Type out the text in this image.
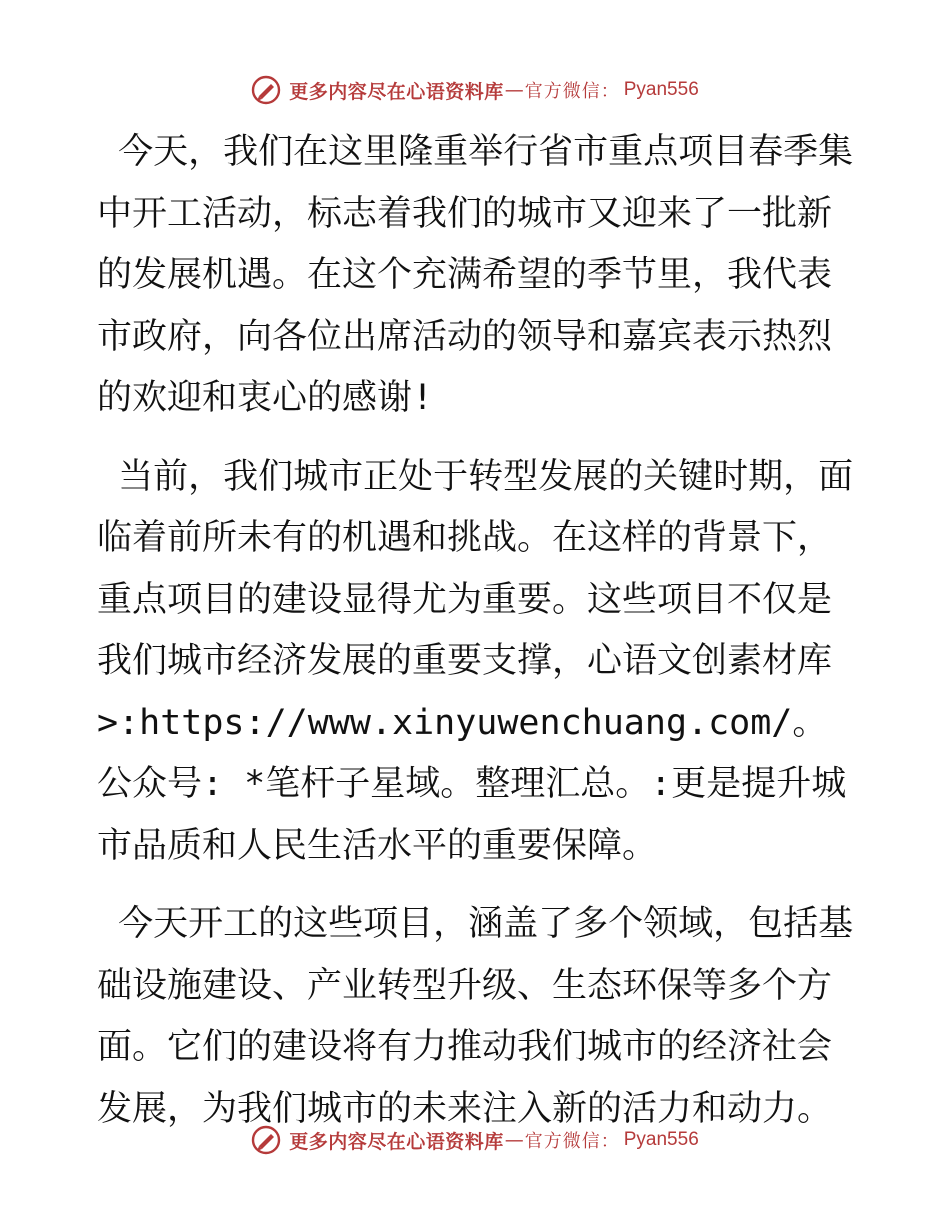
更多内容尽在心语资料库 — 官方微信： Pyan556

今天，我们在这里隆重举行省市重点项目春季集中开工活动，标志着我们的城市又迎来了一批新的发展机遇。在这个充满希望的季节里，我代表市政府，向各位出席活动的领导和嘉宾表示热烈的欢迎和衷心的感谢!

当前，我们城市正处于转型发展的关键时期，面临着前所未有的机遇和挑战。在这样的背景下，重点项目的建设显得尤为重要。这些项目不仅是我们城市经济发展的重要支撑，心语文创素材库>:https://www.xinyuwenchuang.com/。公众号: *笔杆子星域。整理汇总。:更是提升城市品质和人民生活水平的重要保障。

今天开工的这些项目，涵盖了多个领域，包括基础设施建设、产业转型升级、生态环保等多个方面。它们的建设将有力推动我们城市的经济社会发展，为我们城市的未来注入新的活力和动力。

更多内容尽在心语资料库 — 官方微信： Pyan556
